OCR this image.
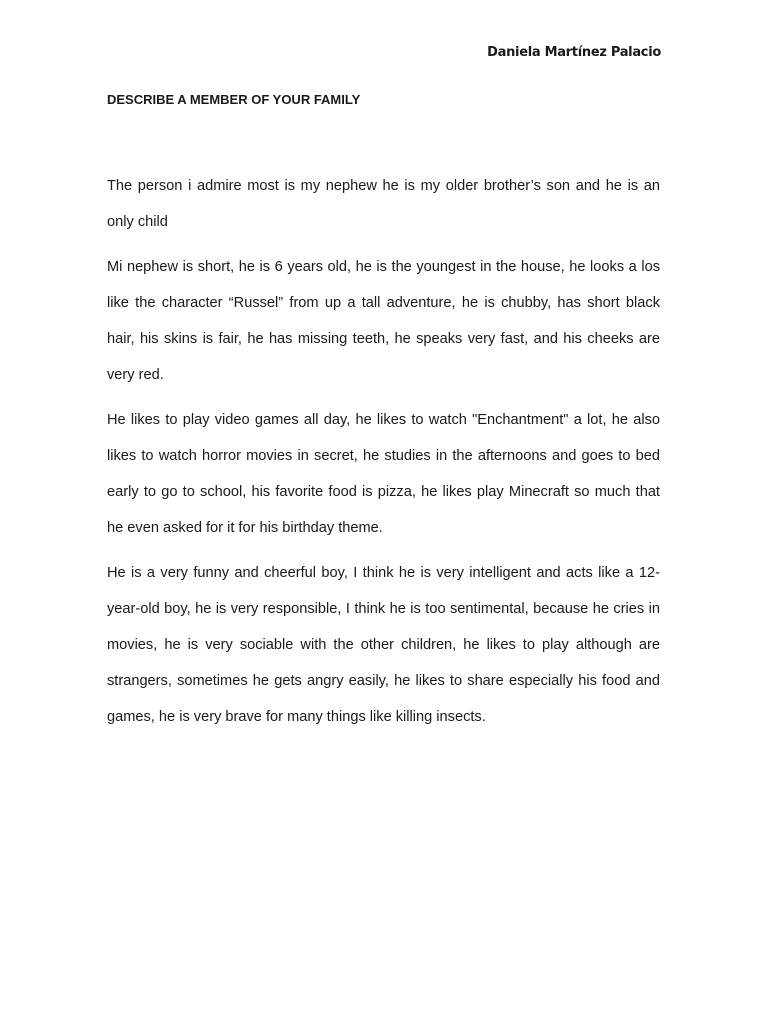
Daniela Martínez Palacio
DESCRIBE A MEMBER OF YOUR FAMILY

The person i admire most is my nephew he is my older brother’s son and he is an only child

Mi nephew is short, he is 6 years old, he is the youngest in the house, he looks a los like the character “Russel” from up a tall adventure, he is chubby, has short black hair, his skins is fair, he has missing teeth, he speaks very fast, and his cheeks are very red.

He likes to play video games all day, he likes to watch "Enchantment" a lot, he also likes to watch horror movies in secret, he studies in the afternoons and goes to bed early to go to school, his favorite food is pizza, he likes play Minecraft so much that he even asked for it for his birthday theme.

He is a very funny and cheerful boy, I think he is very intelligent and acts like a 12-year-old boy, he is very responsible, I think he is too sentimental, because he cries in movies, he is very sociable with the other children, he likes to play although are strangers, sometimes he gets angry easily, he likes to share especially his food and games, he is very brave for many things like killing insects.
